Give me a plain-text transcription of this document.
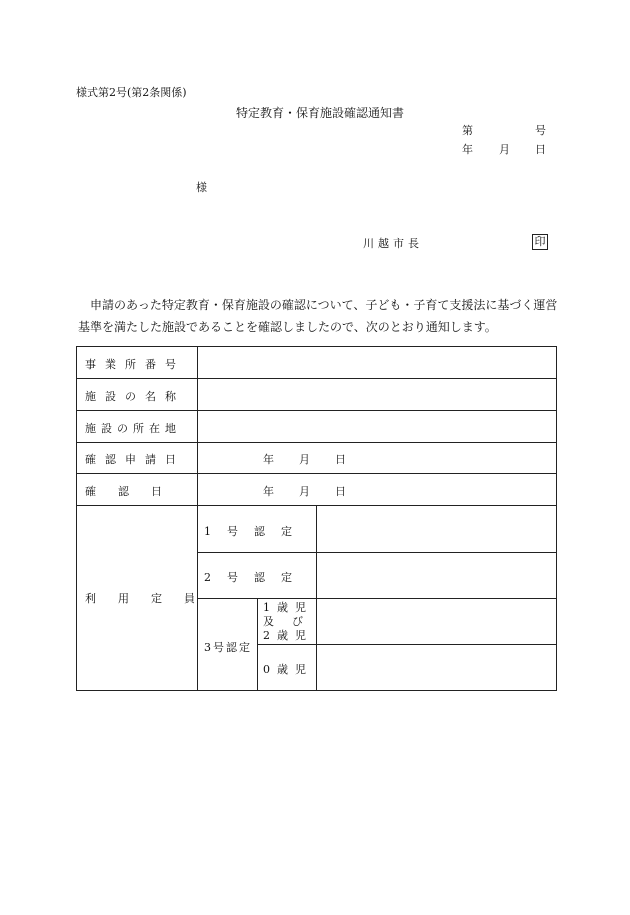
様式第2号(第2条関係)
特定教育・保育施設確認通知書
第	号
年 月 日
様
川越市長	印
申請のあった特定教育・保育施設の確認について、子ども・子育て支援法に基づく運営基準を満たした施設であることを確認しましたので、次のとおり通知します。
事業所番号
施設の名称
施設の所在地
確認申請日
確認日
年 月 日
年 月 日
利用定員
1号認定
2号認定
3号認定
1歳児
及び
2歳児
0歳児
